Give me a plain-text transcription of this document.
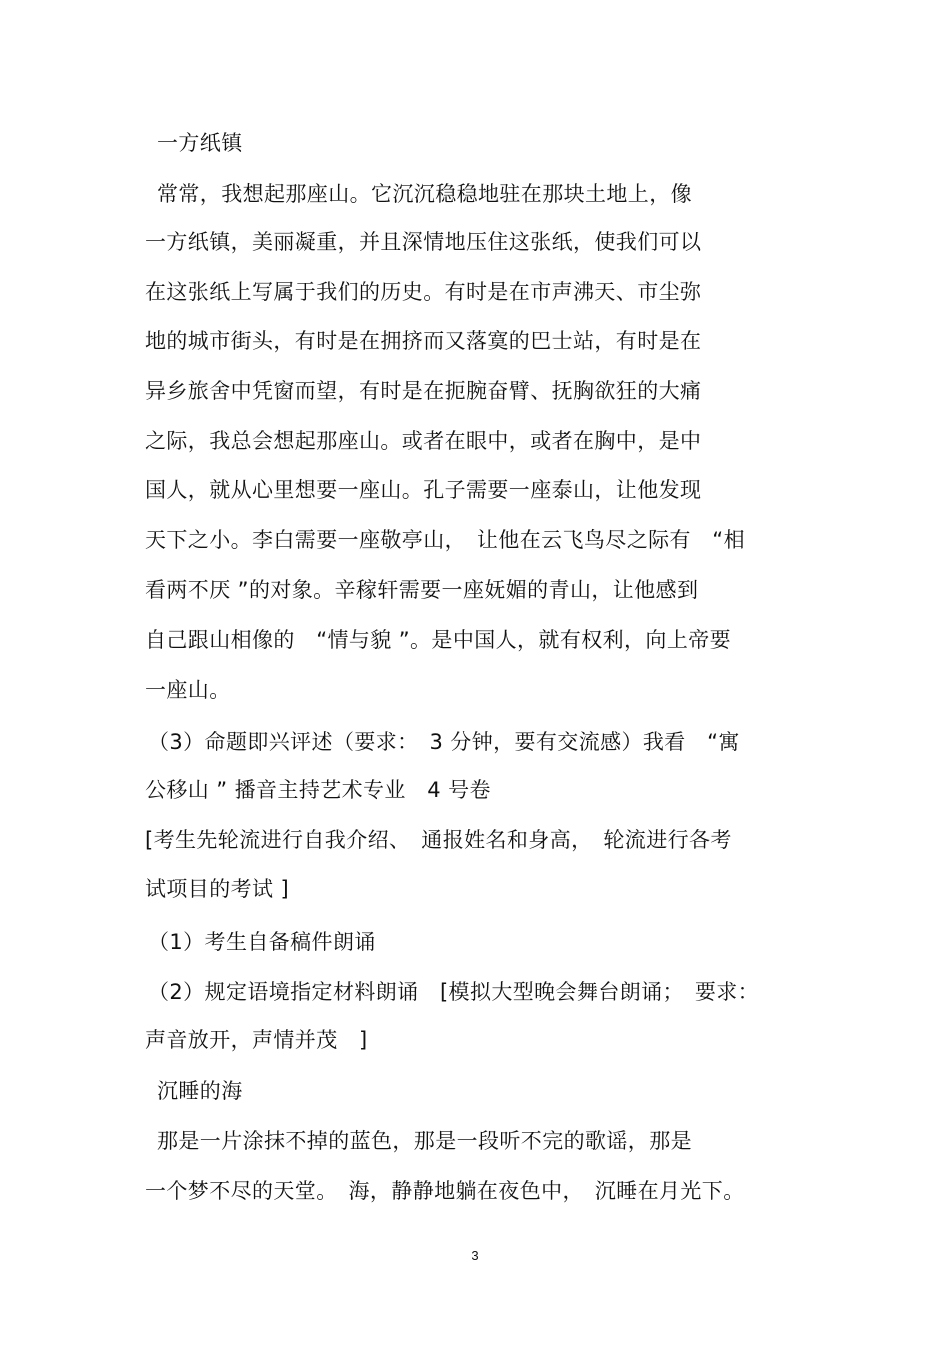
一方纸镇
常常，我想起那座山。它沉沉稳稳地驻在那块土地上，像
一方纸镇，美丽凝重，并且深情地压住这张纸，使我们可以
在这张纸上写属于我们的历史。有时是在市声沸天、市尘弥
地的城市街头，有时是在拥挤而又落寞的巴士站，有时是在
异乡旅舍中凭窗而望，有时是在扼腕奋臂、抚胸欲狂的大痛
之际，我总会想起那座山。或者在眼中，或者在胸中，是中
国人，就从心里想要一座山。孔子需要一座泰山，让他发现
天下之小。李白需要一座敬亭山，　让他在云飞鸟尽之际有　“相
看两不厌 ”的对象。辛稼轩需要一座妩媚的青山，让他感到
自己跟山相像的　“情与貌 ”。是中国人，就有权利，向上帝要
一座山。
（3）命题即兴评述（要求：　3 分钟，要有交流感）我看　“寓
公移山 ” 播音主持艺术专业　4 号卷
[考生先轮流进行自我介绍、　通报姓名和身高，　轮流进行各考
试项目的考试 ]
（1）考生自备稿件朗诵
（2）规定语境指定材料朗诵　[模拟大型晚会舞台朗诵；　要求：
声音放开，声情并茂　]
沉睡的海
那是一片涂抹不掉的蓝色，那是一段听不完的歌谣，那是
一个梦不尽的天堂。　海，静静地躺在夜色中，　沉睡在月光下。
3
